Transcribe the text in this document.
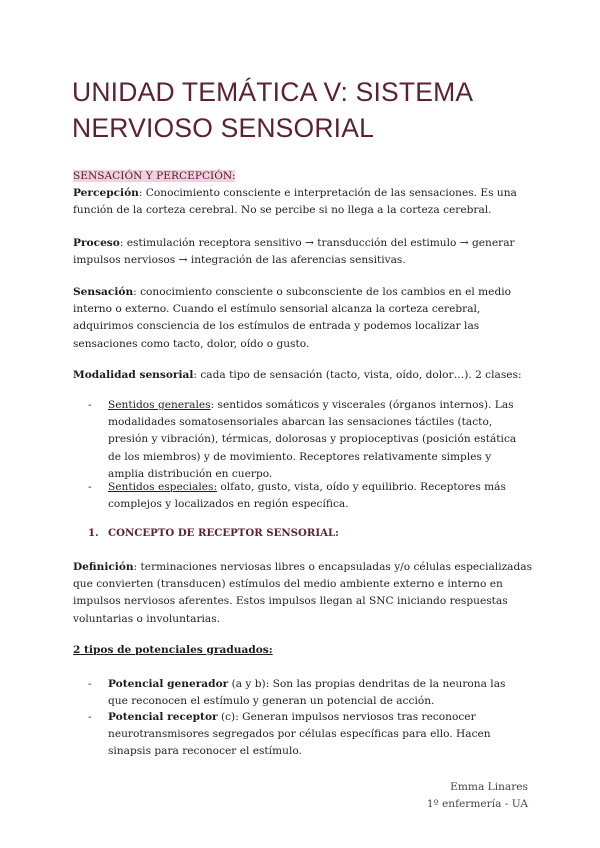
UNIDAD TEMÁTICA V: SISTEMA NERVIOSO SENSORIAL

SENSACIÓN Y PERCEPCIÓN:

Percepción: Conocimiento consciente e interpretación de las sensaciones. Es una función de la corteza cerebral. No se percibe si no llega a la corteza cerebral.

Proceso: estimulación receptora sensitivo → transducción del estimulo → generar impulsos nerviosos → integración de las aferencias sensitivas.

Sensación: conocimiento consciente o subconsciente de los cambios en el medio interno o externo. Cuando el estímulo sensorial alcanza la corteza cerebral, adquirimos consciencia de los estímulos de entrada y podemos localizar las sensaciones como tacto, dolor, oído o gusto.

Modalidad sensorial: cada tipo de sensación (tacto, vista, oído, dolor…). 2 clases:

-	Sentidos generales: sentidos somáticos y viscerales (órganos internos). Las modalidades somatosensoriales abarcan las sensaciones táctiles (tacto, presión y vibración), térmicas, dolorosas y propioceptivas (posición estática de los miembros) y de movimiento. Receptores relativamente simples y amplia distribución en cuerpo.

-	Sentidos especiales: olfato, gusto, vista, oído y equilibrio. Receptores más complejos y localizados en región específica.

1. CONCEPTO DE RECEPTOR SENSORIAL:

Definición: terminaciones nerviosas libres o encapsuladas y/o células especializadas que convierten (transducen) estímulos del medio ambiente externo e interno en impulsos nerviosos aferentes. Estos impulsos llegan al SNC iniciando respuestas voluntarias o involuntarias.

2 tipos de potenciales graduados:

-	Potencial generador (a y b): Son las propias dendritas de la neurona las que reconocen el estímulo y generan un potencial de acción.

-	Potencial receptor (c): Generan impulsos nerviosos tras reconocer neurotransmisores segregados por células específicas para ello. Hacen sinapsis para reconocer el estímulo.

Emma Linares
1º enfermería - UA
